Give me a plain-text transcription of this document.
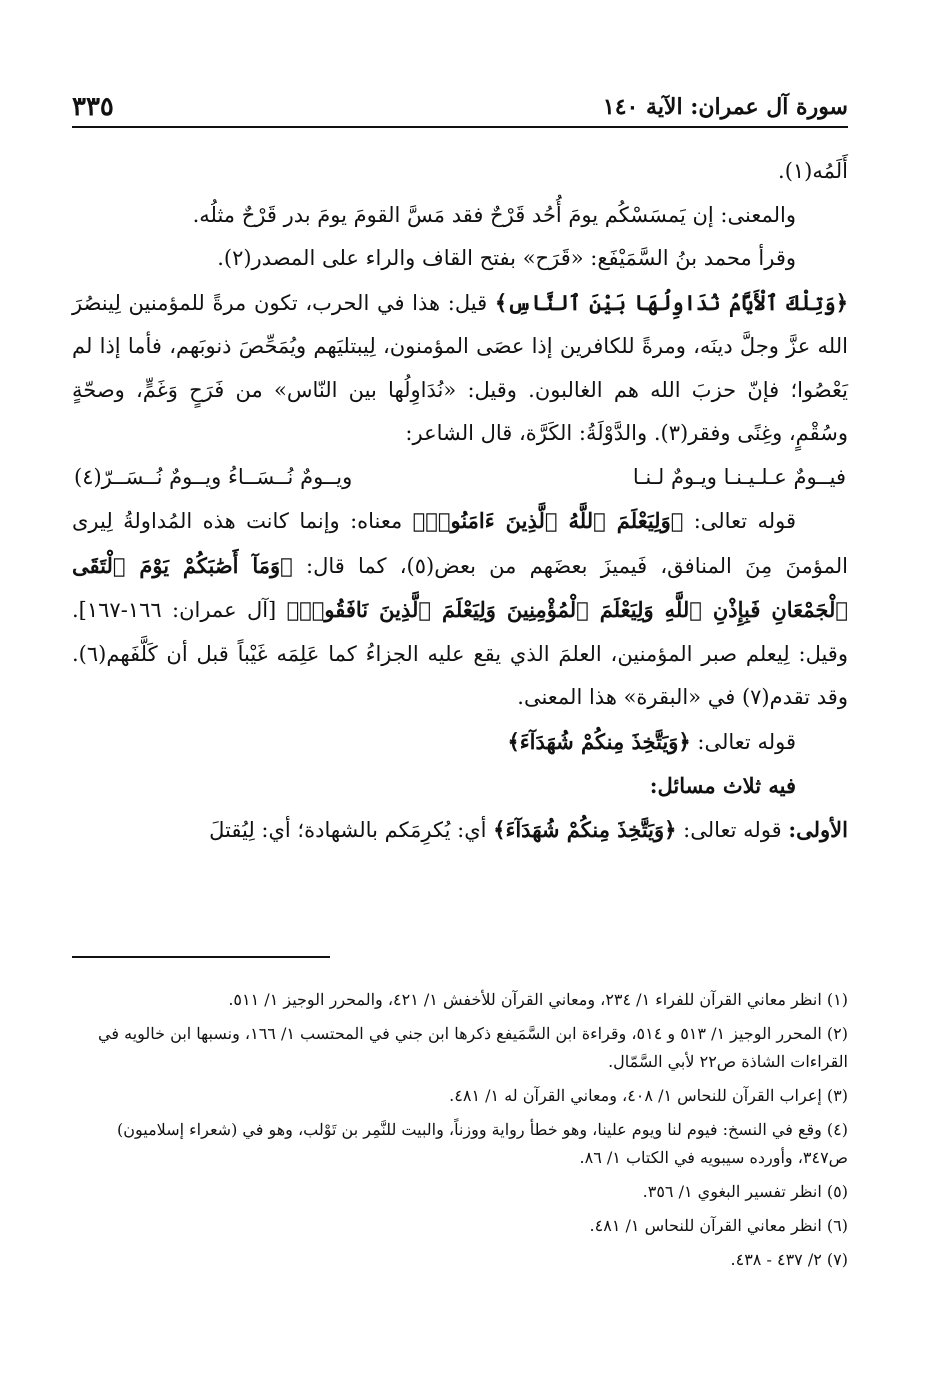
٣٣٥	سورة آل عمران: الآية ١٤٠

أَلَمُه(١).

والمعنى: إن يَمسَسْكُم يومَ أُحُد قَرْحٌ فقد مَسَّ القومَ يومَ بدر قَرْحٌ مثلُه.

وقرأ محمد بنُ السَّمَيْفَع: «قَرَح» بفتح القاف والراء على المصدر(٢).

﴿وَتِلْكَ ٱلْأَيَّامُ نُدَاوِلُهَا بَيْنَ ٱلنَّاسِ﴾ قيل: هذا في الحرب، تكون مرةً للمؤمنين لِينصُرَ الله عزَّ وجلَّ دينَه، ومرةً للكافرين إذا عصَى المؤمنون، لِيبتليَهم ويُمَحِّصَ ذنوبَهم، فأما إذا لم يَعْصُوا؛ فإنّ حزبَ الله هم الغالبون. وقيل: «نُدَاوِلُها بين النّاس» من فَرَحٍ وَغَمٍّ، وصحّةٍ وسُقْمٍ، وغِنًى وفقر(٣). والدَّوْلَةُ: الكَرَّة، قال الشاعر:

فيــومٌ عـلـيـنـا ويـومٌ لـنـا
ويــومٌ نُــسَــاءُ ويــومٌ نُــسَــرّ(٤)

قوله تعالى: ﴿وَلِيَعْلَمَ ٱللَّهُ ٱلَّذِينَ ءَامَنُوا۟﴾ معناه: وإنما كانت هذه المُداولةُ لِيرى المؤمنَ مِنَ المنافق، فَيميزَ بعضَهم من بعض(٥)، كما قال: ﴿وَمَآ أَصَٰبَكُمْ يَوْمَ ٱلْتَقَى ٱلْجَمْعَانِ فَبِإِذْنِ ٱللَّهِ وَلِيَعْلَمَ ٱلْمُؤْمِنِينَ وَلِيَعْلَمَ ٱلَّذِينَ نَافَقُوا۟﴾ [آل عمران: ١٦٦-١٦٧]. وقيل: لِيعلم صبر المؤمنين، العلمَ الذي يقع عليه الجزاءُ كما عَلِمَه غَيْباً قبل أن كَلَّفَهم(٦). وقد تقدم(٧) في «البقرة» هذا المعنى.

قوله تعالى: ﴿وَيَتَّخِذَ مِنكُمْ شُهَدَآءَ﴾

فيه ثلاث مسائل:

الأولى: قوله تعالى: ﴿وَيَتَّخِذَ مِنكُمْ شُهَدَآءَ﴾ أي: يُكرِمَكم بالشهادة؛ أي: لِيُقتلَ

(١) انظر معاني القرآن للفراء ١/ ٢٣٤، ومعاني القرآن للأخفش ١/ ٤٢١، والمحرر الوجيز ١/ ٥١١.

(٢) المحرر الوجيز ١/ ٥١٣ و ٥١٤، وقراءة ابن السَّمَيفع ذكرها ابن جني في المحتسب ١/ ١٦٦، ونسبها ابن خالويه في القراءات الشاذة ص٢٢ لأبي السَّمّال.

(٣) إعراب القرآن للنحاس ١/ ٤٠٨، ومعاني القرآن له ١/ ٤٨١.

(٤) وقع في النسخ: فيوم لنا ويوم علينا، وهو خطأ رواية ووزناً، والبيت للنَّمِر بن تَوْلب، وهو في (شعراء إسلاميون) ص٣٤٧، وأورده سيبويه في الكتاب ١/ ٨٦.

(٥) انظر تفسير البغوي ١/ ٣٥٦.

(٦) انظر معاني القرآن للنحاس ١/ ٤٨١.

(٧) ٢/ ٤٣٧ - ٤٣٨.
